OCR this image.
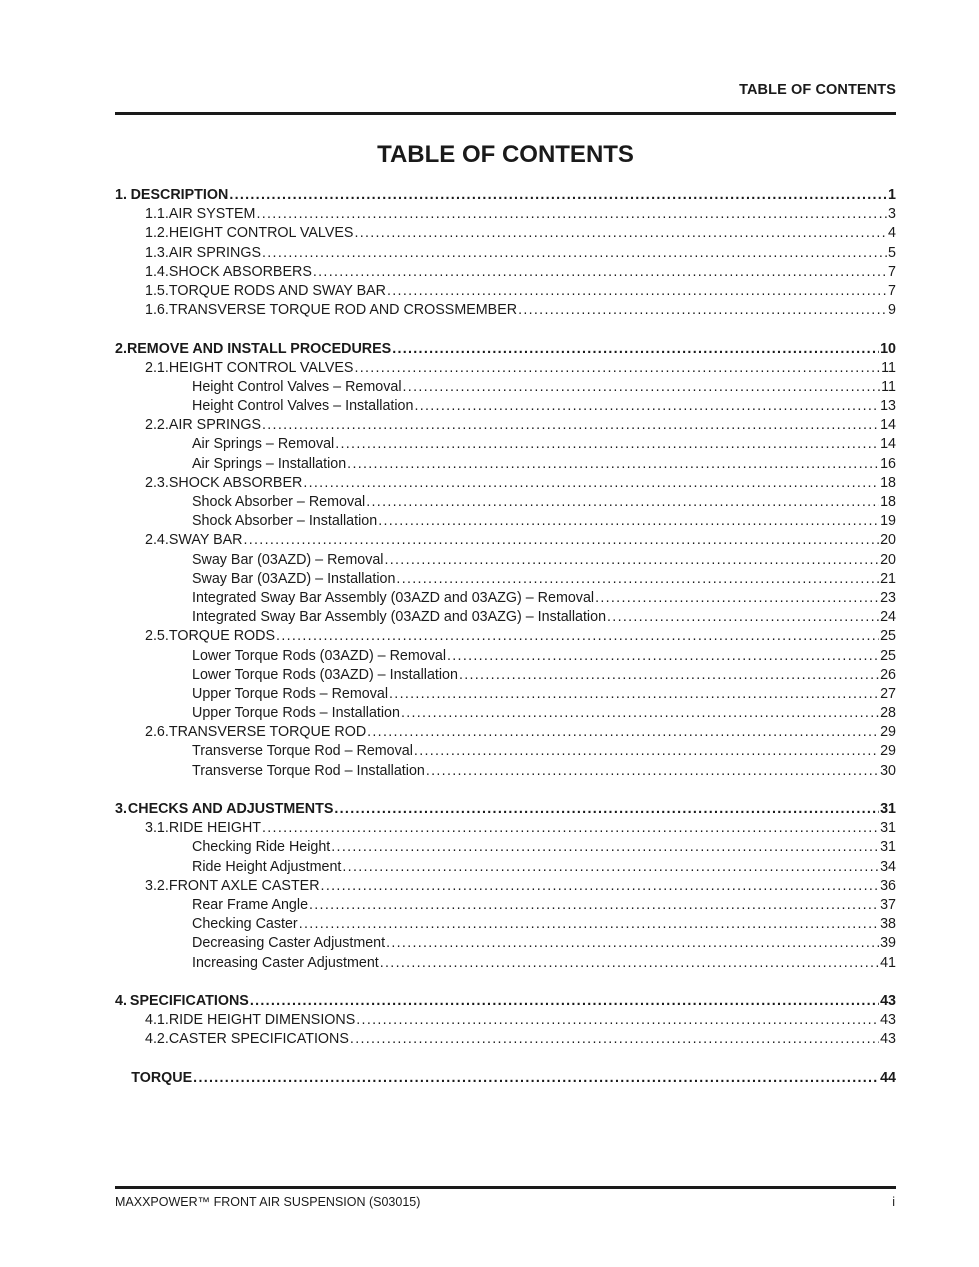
TABLE OF CONTENTS
TABLE OF CONTENTS
1. DESCRIPTION .....	1
1.1. AIR SYSTEM .....	3
1.2. HEIGHT CONTROL VALVES .....	4
1.3. AIR SPRINGS .....	5
1.4. SHOCK ABSORBERS .....	7
1.5. TORQUE RODS AND SWAY BAR .....	7
1.6. TRANSVERSE TORQUE ROD AND CROSSMEMBER .....	9
2. REMOVE AND INSTALL PROCEDURES .....	10
2.1. HEIGHT CONTROL VALVES .....	11
Height Control Valves – Removal .....	11
Height Control Valves – Installation .....	13
2.2. AIR SPRINGS .....	14
Air Springs – Removal .....	14
Air Springs – Installation .....	16
2.3. SHOCK ABSORBER .....	18
Shock Absorber – Removal .....	18
Shock Absorber – Installation .....	19
2.4. SWAY BAR .....	20
Sway Bar (03AZD) – Removal .....	20
Sway Bar (03AZD) – Installation .....	21
Integrated Sway Bar Assembly (03AZD and 03AZG) – Removal .....	23
Integrated Sway Bar Assembly (03AZD and 03AZG) – Installation .....	24
2.5. TORQUE RODS .....	25
Lower Torque Rods (03AZD) – Removal .....	25
Lower Torque Rods (03AZD) – Installation .....	26
Upper Torque Rods – Removal .....	27
Upper Torque Rods – Installation .....	28
2.6. TRANSVERSE TORQUE ROD .....	29
Transverse Torque Rod – Removal .....	29
Transverse Torque Rod – Installation .....	30
3. CHECKS AND ADJUSTMENTS .....	31
3.1. RIDE HEIGHT .....	31
Checking Ride Height .....	31
Ride Height Adjustment .....	34
3.2. FRONT AXLE CASTER .....	36
Rear Frame Angle .....	37
Checking Caster .....	38
Decreasing Caster Adjustment .....	39
Increasing Caster Adjustment .....	41
4. SPECIFICATIONS .....	43
4.1. RIDE HEIGHT DIMENSIONS .....	43
4.2. CASTER SPECIFICATIONS .....	43
TORQUE .....	44
MAXXPOWER™ FRONT AIR SUSPENSION (S03015)	i
